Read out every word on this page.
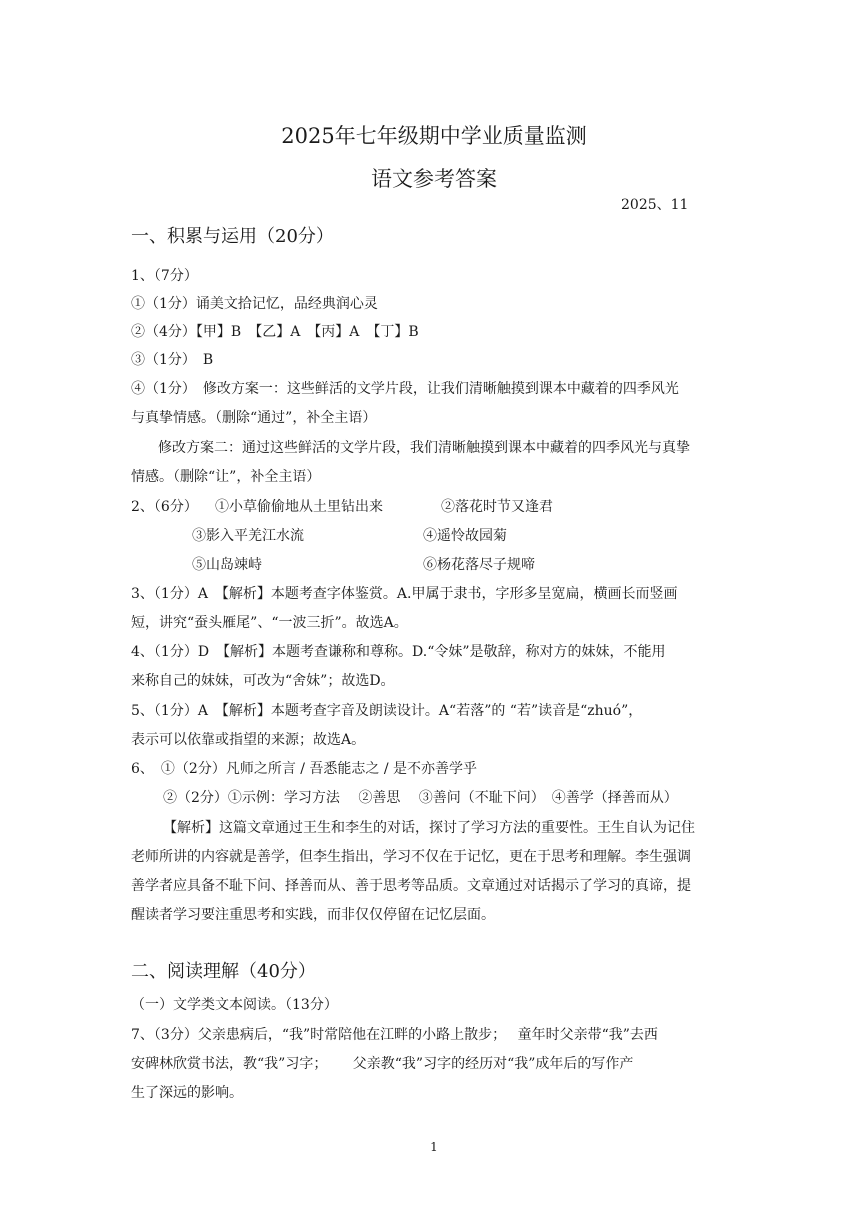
2025年七年级期中学业质量监测
语文参考答案
2025、11
一、积累与运用（20分）
1、（7分）
①（1分）诵美文拾记忆，品经典润心灵
②（4分）【甲】B　【乙】A　【丙】A　【丁】B
③（1分）　B
④（1分）　修改方案一：这些鲜活的文学片段，让我们清晰触摸到课本中藏着的四季风光
与真挚情感。（删除“通过”，补全主语）
修改方案二：通过这些鲜活的文学片段，我们清晰触摸到课本中藏着的四季风光与真挚
情感。（删除“让”，补全主语）
2、（6分） ①小草偷偷地从土里钻出来	②落花时节又逢君
③影入平羌江水流	④遥怜故园菊
⑤山岛竦峙	⑥杨花落尽子规啼
3、（1分）A　【解析】本题考查字体鉴赏。A.甲属于隶书，字形多呈宽扁，横画长而竖画
短，讲究“蚕头雁尾”、“一波三折”。故选A。
4、（1分）D　【解析】本题考查谦称和尊称。D.“令妹”是敬辞，称对方的妹妹，不能用
来称自己的妹妹，可改为“舍妹”；故选D。
5、（1分）A　【解析】本题考查字音及朗读设计。A“若落”的 “若”读音是“zhuó”，
表示可以依靠或指望的来源；故选A。
6、　①（2分）凡师之所言 / 吾悉能志之 / 是不亦善学乎
②（2分）①示例：学习方法　 ②善思　 ③善问（不耻下问）　④善学（择善而从）
【解析】这篇文章通过王生和李生的对话，探讨了学习方法的重要性。王生自认为记住
老师所讲的内容就是善学，但李生指出，学习不仅在于记忆，更在于思考和理解。李生强调
善学者应具备不耻下问、择善而从、善于思考等品质。文章通过对话揭示了学习的真谛，提
醒读者学习要注重思考和实践，而非仅仅停留在记忆层面。
二、阅读理解（40分）
（一）文学类文本阅读。（13分）
7、（3分）父亲患病后，“我”时常陪他在江畔的小路上散步；　 童年时父亲带“我”去西
安碑林欣赏书法，教“我”习字；　　 父亲教“我”习字的经历对“我”成年后的写作产
生了深远的影响。
1
